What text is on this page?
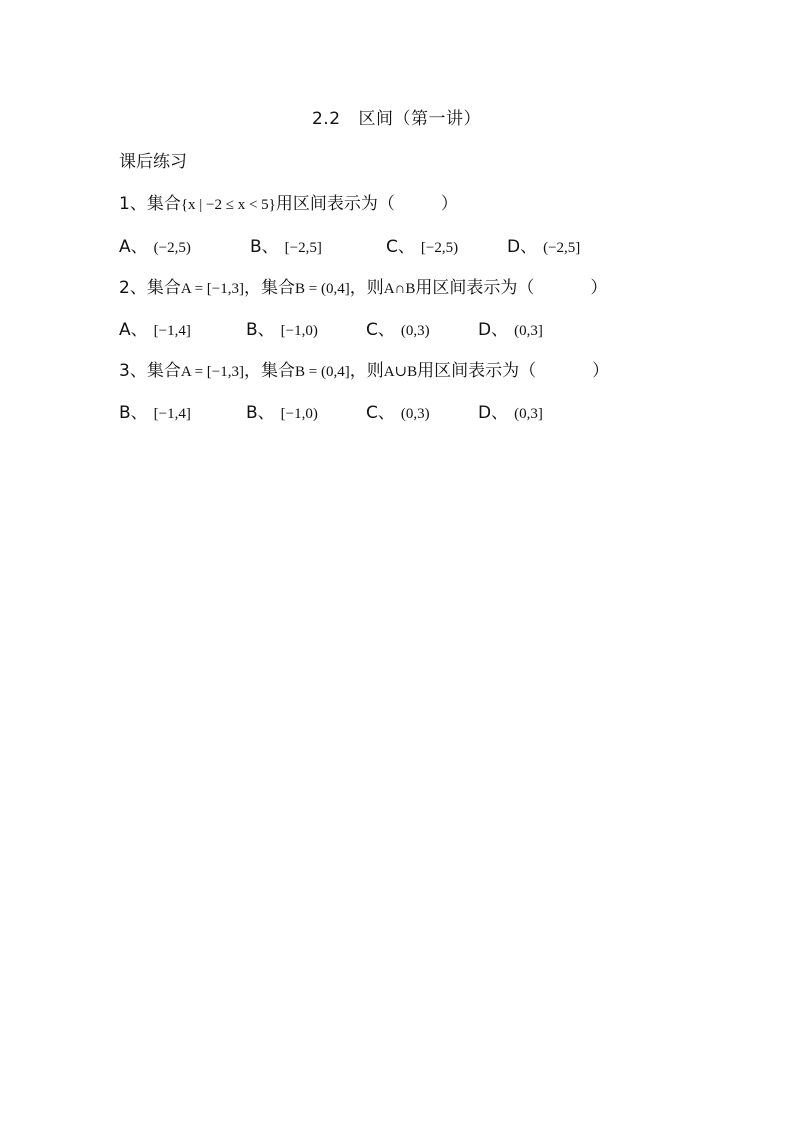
2.2 区间（第一讲）
课后练习
1、集合{x | −2 ≤ x < 5}用区间表示为（	）
A、 (−2,5)	B、 [−2,5]	C、 [−2,5)	D、 (−2,5]
2、集合A = [−1,3]，集合B = (0,4]，则A∩B用区间表示为（	）
A、 [−1,4]	B、 [−1,0)	C、 (0,3)	D、 (0,3]
3、集合A = [−1,3]，集合B = (0,4]，则A∪B用区间表示为（	）
B、 [−1,4]	B、 [−1,0)	C、 (0,3)	D、 (0,3]
